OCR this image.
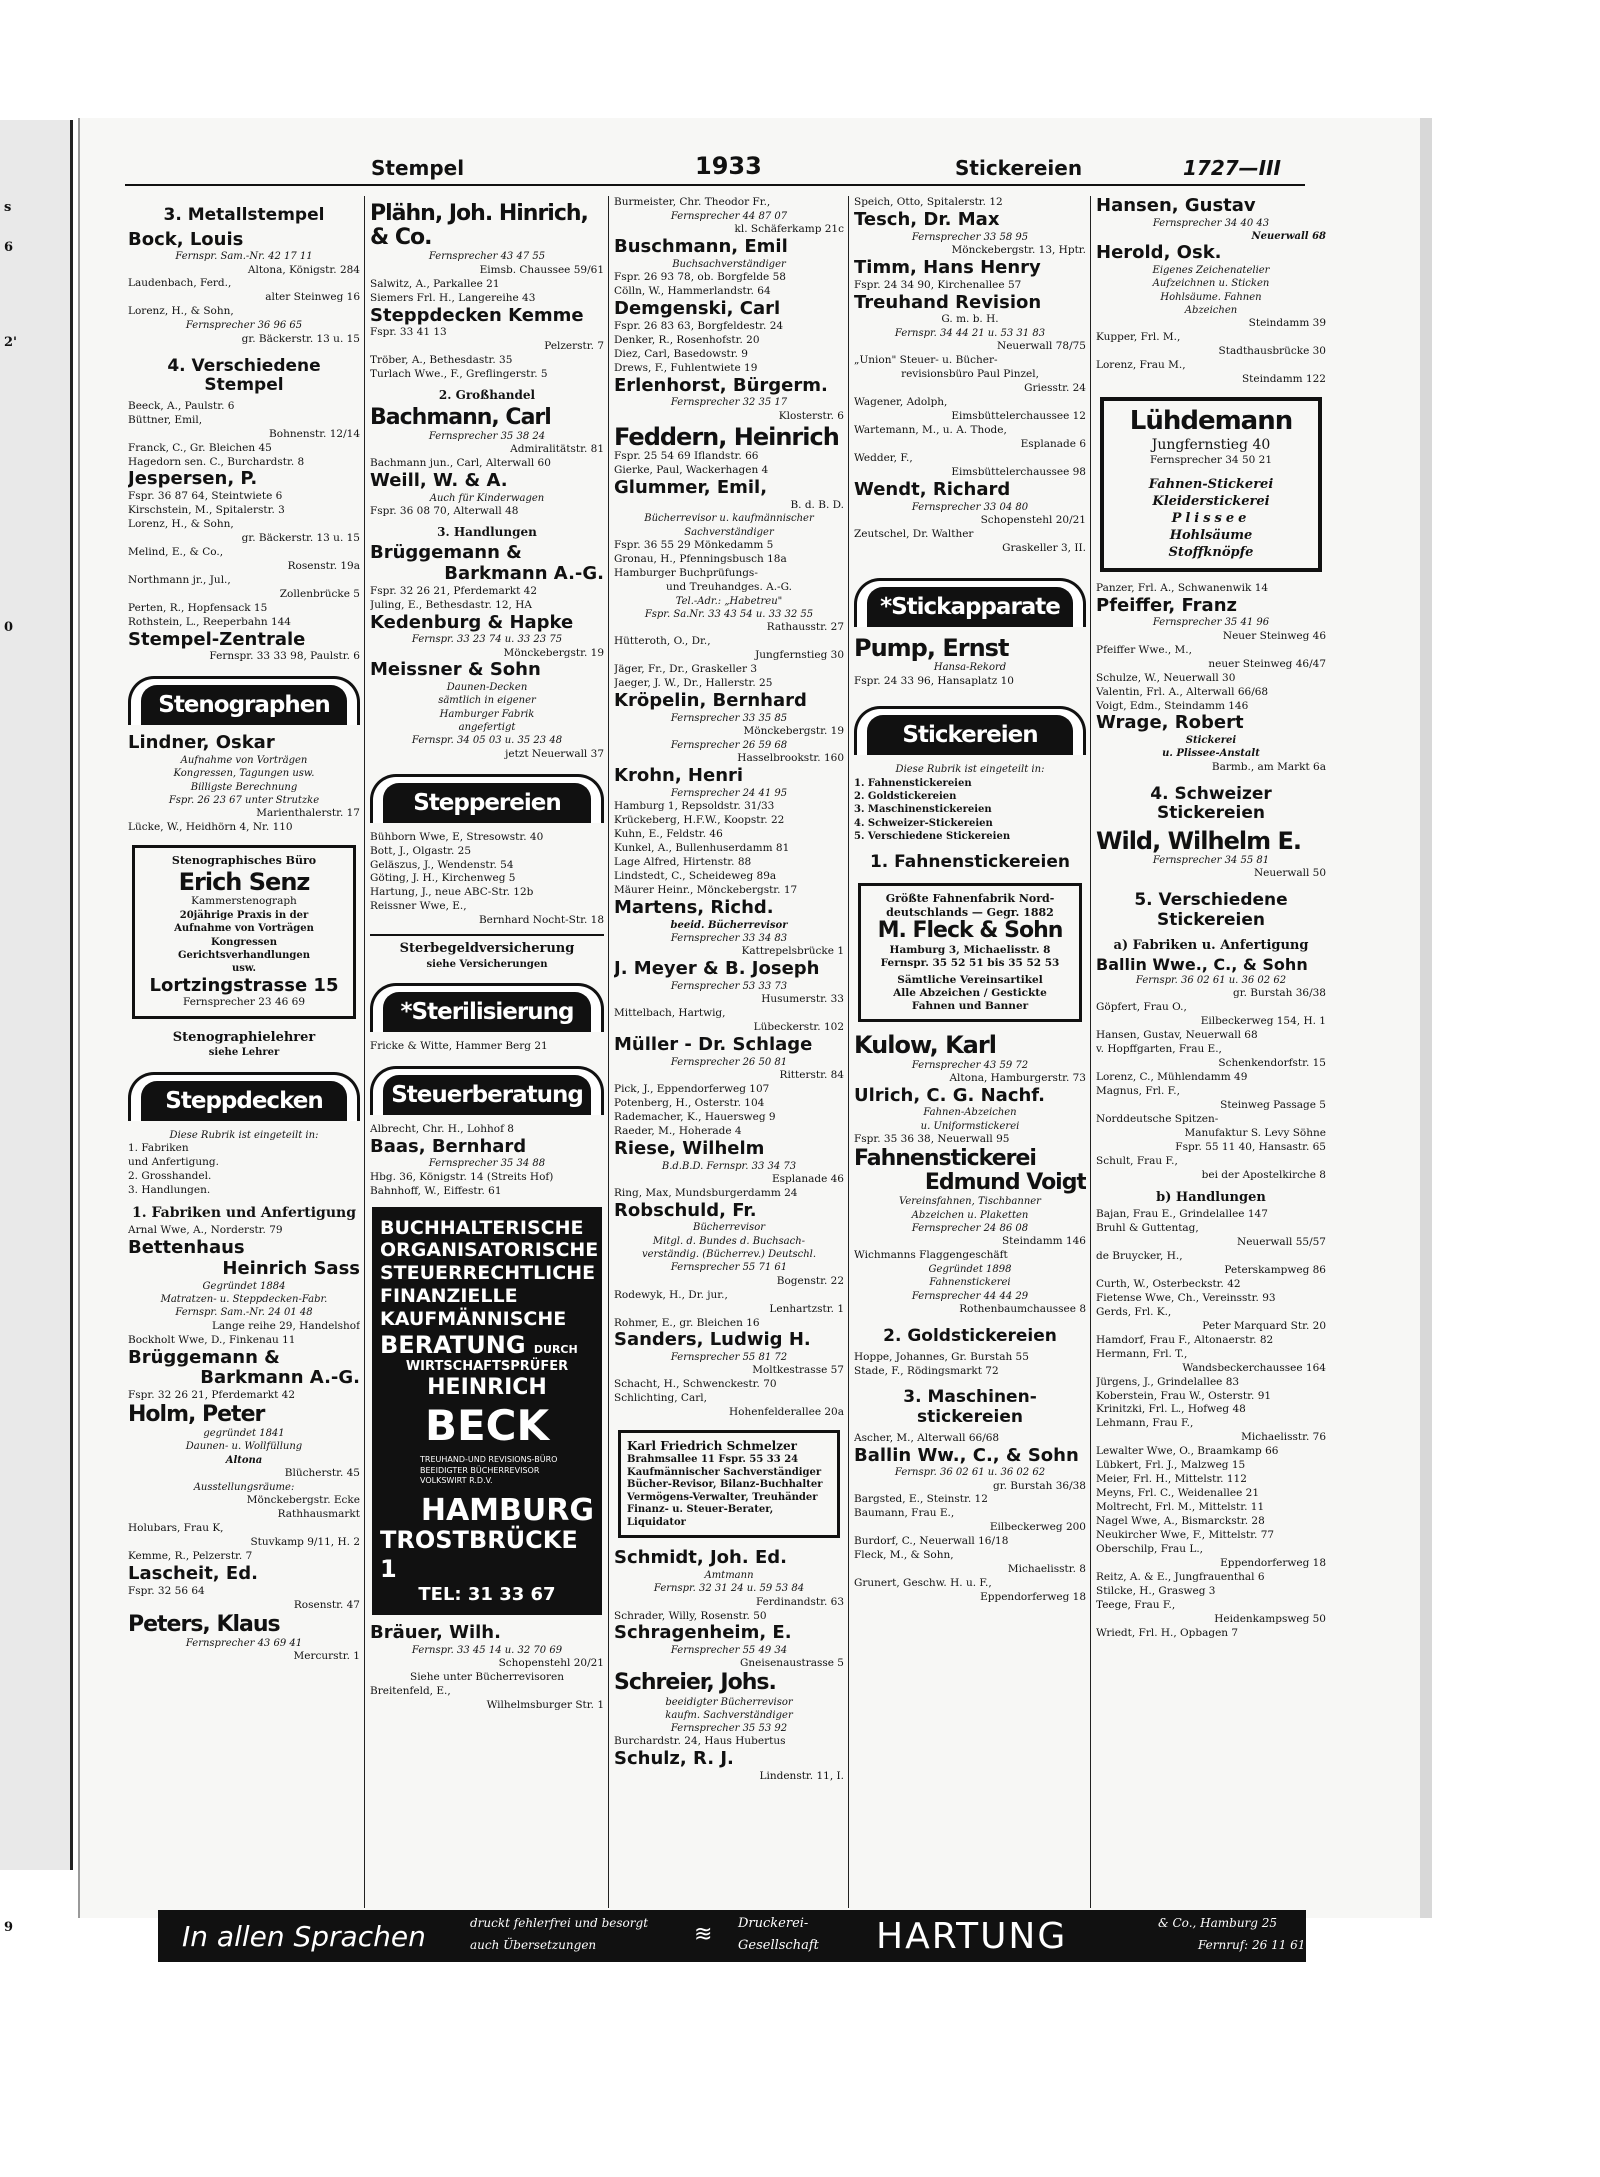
s
6
2'
0
9
Stempel	1933	Stickereien	1727—III
3. Metallstempel

Bock, Louis

Fernspr. Sam.-Nr. 42 17 11

Altona, Königstr. 284

Laudenbach, Ferd.,

alter Steinweg 16

Lorenz, H., & Sohn,

Fernsprecher 36 96 65

gr. Bäckerstr. 13 u. 15

4. Verschiedene Stempel

Beeck, A., Paulstr. 6

Büttner, Emil,

Bohnenstr. 12/14

Franck, C., Gr. Bleichen 45

Hagedorn sen. C., Burchardstr. 8

Jespersen, P.

Fspr. 36 87 64, Steintwiete 6

Kirschstein, M., Spitalerstr. 3

Lorenz, H., & Sohn,

gr. Bäckerstr. 13 u. 15

Melind, E., & Co.,

Rosenstr. 19a

Northmann jr., Jul.,

Zollenbrücke 5

Perten, R., Hopfensack 15

Rothstein, L., Reeperbahn 144

Stempel-Zentrale

Fernspr. 33 33 98, Paulstr. 6

Stenographen

Lindner, Oskar

Aufnahme von Vorträgen

Kongressen, Tagungen usw.

Billigste Berechnung

Fspr. 26 23 67 unter Strutzke

Marienthalerstr. 17

Lücke, W., Heidhörn 4, Nr. 110

Stenographisches Büro

Erich Senz

Kammerstenograph

20jährige Praxis in der

Aufnahme von Vorträgen

Kongressen

Gerichtsverhandlungen

usw.

Lortzingstrasse 15

Fernsprecher 23 46 69

Stenographielehrer

siehe Lehrer

Steppdecken

Diese Rubrik ist eingeteilt in:

1. Fabriken

und Anfertigung.

2. Grosshandel.

3. Handlungen.

1. Fabriken und Anfertigung

Arnal Wwe, A., Norderstr. 79

Bettenhaus

Heinrich Sass

Gegründet 1884

Matratzen- u. Steppdecken-Fabr.

Fernspr. Sam.-Nr. 24 01 48

Lange reihe 29, Handelshof

Bockholt Wwe, D., Finkenau 11

Brüggemann &

Barkmann A.-G.

Fspr. 32 26 21, Pferdemarkt 42

Holm, Peter

gegründet 1841

Daunen- u. Wollfüllung

Altona

Blücherstr. 45

Ausstellungsräume:

Mönckebergstr. Ecke

Rathhausmarkt

Holubars, Frau K,

Stuvkamp 9/11, H. 2

Kemme, R., Pelzerstr. 7

Lascheit, Ed.

Fspr. 32 56 64

Rosenstr. 47

Peters, Klaus

Fernsprecher 43 69 41

Mercurstr. 1

Plähn, Joh. Hinrich, & Co.

Fernsprecher 43 47 55

Eimsb. Chaussee 59/61

Salwitz, A., Parkallee 21

Siemers Frl. H., Langereihe 43

Steppdecken Kemme

Fspr. 33 41 13

Pelzerstr. 7

Tröber, A., Bethesdastr. 35

Turlach Wwe., F., Greflingerstr. 5

2. Großhandel

Bachmann, Carl

Fernsprecher 35 38 24

Admiralitätstr. 81

Bachmann jun., Carl, Alterwall 60

Weill, W. & A.

Auch für Kinderwagen

Fspr. 36 08 70, Alterwall 48

3. Handlungen

Brüggemann &

Barkmann A.-G.

Fspr. 32 26 21, Pferdemarkt 42

Juling, E., Bethesdastr. 12, HA

Kedenburg & Hapke

Fernspr. 33 23 74 u. 33 23 75

Mönckebergstr. 19

Meissner & Sohn

Daunen-Decken

sämtlich in eigener

Hamburger Fabrik

angefertigt

Fernspr. 34 05 03 u. 35 23 48

jetzt Neuerwall 37

Steppereien

Bühborn Wwe, E, Stresowstr. 40

Bott, J., Olgastr. 25

Geläszus, J., Wendenstr. 54

Göting, J. H., Kirchenweg 5

Hartung, J., neue ABC-Str. 12b

Reissner Wwe, E.,

Bernhard Nocht-Str. 18

Sterbegeldversicherung

siehe Versicherungen

*Sterilisierung

Fricke & Witte, Hammer Berg 21

Steuerberatung

Albrecht, Chr. H., Lohhof 8

Baas, Bernhard

Fernsprecher 35 34 88

Hbg. 36, Königstr. 14 (Streits Hof)

Bahnhoff, W., Eiffestr. 61

BUCHHALTERISCHE
ORGANISATORISCHE
STEUERRECHTLICHE
FINANZIELLE
KAUFMÄNNISCHE
BERATUNG DURCH
WIRTSCHAFTSPRÜFER
HEINRICH
BECK
TREUHAND-UND REVISIONS-BÜRO
BEEIDIGTER BÜCHERREVISOR
VOLKSWIRT R.D.V.
HAMBURG
TROSTBRÜCKE 1
TEL: 31 33 67

Bräuer, Wilh.

Fernspr. 33 45 14 u. 32 70 69

Schopenstehl 20/21

Siehe unter Bücherrevisoren

Breitenfeld, E.,

Wilhelmsburger Str. 1

Burmeister, Chr. Theodor Fr.,

Fernsprecher 44 87 07

kl. Schäferkamp 21c

Buschmann, Emil

Buchsachverständiger

Fspr. 26 93 78, ob. Borgfelde 58

Cölln, W., Hammerlandstr. 64

Demgenski, Carl

Fspr. 26 83 63, Borgfeldestr. 24

Denker, R., Rosenhofstr. 20

Diez, Carl, Basedowstr. 9

Drews, F., Fuhlentwiete 19

Erlenhorst, Bürgerm.

Fernsprecher 32 35 17

Klosterstr. 6

Feddern, Heinrich

Fspr. 25 54 69 Iflandstr. 66

Gierke, Paul, Wackerhagen 4

Glummer, Emil,

B. d. B. D.

Bücherrevisor u. kaufmännischer

Sachverständiger

Fspr. 36 55 29 Mönkedamm 5

Gronau, H., Pfenningsbusch 18a

Hamburger Buchprüfungs-

und Treuhandges. A.-G.

Tel.-Adr.: „Habetreu"

Fspr. Sa.Nr. 33 43 54 u. 33 32 55

Rathausstr. 27

Hütteroth, O., Dr.,

Jungfernstieg 30

Jäger, Fr., Dr., Graskeller 3

Jaeger, J. W., Dr., Hallerstr. 25

Kröpelin, Bernhard

Fernsprecher 33 35 85

Mönckebergstr. 19

Fernsprecher 26 59 68

Hasselbrookstr. 160

Krohn, Henri

Fernsprecher 24 41 95

Hamburg 1, Repsoldstr. 31/33

Krückeberg, H.F.W., Koopstr. 22

Kuhn, E., Feldstr. 46

Kunkel, A., Bullenhuserdamm 81

Lage Alfred, Hirtenstr. 88

Lindstedt, C., Scheideweg 89a

Mäurer Heinr., Mönckebergstr. 17

Martens, Richd.

beeid. Bücherrevisor

Fernsprecher 33 34 83

Kattrepelsbrücke 1

J. Meyer & B. Joseph

Fernsprecher 53 33 73

Husumerstr. 33

Mittelbach, Hartwig,

Lübeckerstr. 102

Müller - Dr. Schlage

Fernsprecher 26 50 81

Ritterstr. 84

Pick, J., Eppendorferweg 107

Potenberg, H., Osterstr. 104

Rademacher, K., Hauersweg 9

Raeder, M., Hoherade 4

Riese, Wilhelm

B.d.B.D. Fernspr. 33 34 73

Esplanade 46

Ring, Max, Mundsburgerdamm 24

Robschuld, Fr.

Bücherrevisor

Mitgl. d. Bundes d. Buchsach-

verständig. (Bücherrev.) Deutschl.

Fernsprecher 55 71 61

Bogenstr. 22

Rodewyk, H., Dr. jur.,

Lenhartzstr. 1

Rohmer, E., gr. Bleichen 16

Sanders, Ludwig H.

Fernsprecher 55 81 72

Moltkestrasse 57

Schacht, H., Schwenckestr. 70

Schlichting, Carl,

Hohenfelderallee 20a

Karl Friedrich Schmelzer

Brahmsallee 11 Fspr. 55 33 24

Kaufmännischer Sachverständiger

Bücher-Revisor, Bilanz-Buchhalter

Vermögens-Verwalter, Treuhänder

Finanz- u. Steuer-Berater, Liquidator

Schmidt, Joh. Ed.

Amtmann

Fernspr. 32 31 24 u. 59 53 84

Ferdinandstr. 63

Schrader, Willy, Rosenstr. 50

Schragenheim, E.

Fernsprecher 55 49 34

Gneisenaustrasse 5

Schreier, Johs.

beeidigter Bücherrevisor

kaufm. Sachverständiger

Fernsprecher 35 53 92

Burchardstr. 24, Haus Hubertus

Schulz, R. J.

Lindenstr. 11, I.

Speich, Otto, Spitalerstr. 12

Tesch, Dr. Max

Fernsprecher 33 58 95

Mönckebergstr. 13, Hptr.

Timm, Hans Henry

Fspr. 24 34 90, Kirchenallee 57

Treuhand Revision

G. m. b. H.

Fernspr. 34 44 21 u. 53 31 83

Neuerwall 78/75

„Union" Steuer- u. Bücher-

revisionsbüro Paul Pinzel,

Griesstr. 24

Wagener, Adolph,

Eimsbüttelerchaussee 12

Wartemann, M., u. A. Thode,

Esplanade 6

Wedder, F.,

Eimsbüttelerchaussee 98

Wendt, Richard

Fernsprecher 33 04 80

Schopenstehl 20/21

Zeutschel, Dr. Walther

Graskeller 3, II.

*Stickapparate

Pump, Ernst

Hansa-Rekord

Fspr. 24 33 96, Hansaplatz 10

Stickereien

Diese Rubrik ist eingeteilt in:

1. Fahnenstickereien

2. Goldstickereien

3. Maschinenstickereien

4. Schweizer-Stickereien

5. Verschiedene Stickereien

1. Fahnenstickereien

Größte Fahnenfabrik Nord-

deutschlands — Gegr. 1882

M. Fleck & Sohn

Hamburg 3, Michaelisstr. 8

Fernspr. 35 52 51 bis 35 52 53

Sämtliche Vereinsartikel

Alle Abzeichen / Gestickte

Fahnen und Banner

Kulow, Karl

Fernsprecher 43 59 72

Altona, Hamburgerstr. 73

Ulrich, C. G. Nachf.

Fahnen-Abzeichen

u. Uniformstickerei

Fspr. 35 36 38, Neuerwall 95

Fahnenstickerei

Edmund Voigt

Vereinsfahnen, Tischbanner

Abzeichen u. Plaketten

Fernsprecher 24 86 08

Steindamm 146

Wichmanns Flaggengeschäft

Gegründet 1898

Fahnenstickerei

Fernsprecher 44 44 29

Rothenbaumchaussee 8

2. Goldstickereien

Hoppe, Johannes, Gr. Burstah 55

Stade, F., Rödingsmarkt 72

3. Maschinen-stickereien

Ascher, M., Alterwall 66/68

Ballin Ww., C., & Sohn

Fernspr. 36 02 61 u. 36 02 62

gr. Burstah 36/38

Bargsted, E., Steinstr. 12

Baumann, Frau E.,

Eilbeckerweg 200

Burdorf, C., Neuerwall 16/18

Fleck, M., & Sohn,

Michaelisstr. 8

Grunert, Geschw. H. u. F.,

Eppendorferweg 18

Hansen, Gustav

Fernsprecher 34 40 43

Neuerwall 68

Herold, Osk.

Eigenes Zeichenatelier

Aufzeichnen u. Sticken

Hohlsäume. Fahnen

Abzeichen

Steindamm 39

Kupper, Frl. M.,

Stadthausbrücke 30

Lorenz, Frau M.,

Steindamm 122

Lühdemann

Jungfernstieg 40

Fernsprecher 34 50 21

Fahnen-Stickerei

Kleiderstickerei

Plissee

Hohlsäume

Stoffknöpfe

Panzer, Frl. A., Schwanenwik 14

Pfeiffer, Franz

Fernsprecher 35 41 96

Neuer Steinweg 46

Pfeiffer Wwe., M.,

neuer Steinweg 46/47

Schulze, W., Neuerwall 30

Valentin, Frl. A., Alterwall 66/68

Voigt, Edm., Steindamm 146

Wrage, Robert

Stickerei

u. Plissee-Anstalt

Barmb., am Markt 6a

4. Schweizer Stickereien

Wild, Wilhelm E.

Fernsprecher 34 55 81

Neuerwall 50

5. Verschiedene Stickereien
a) Fabriken u. Anfertigung

Ballin Wwe., C., & Sohn

Fernspr. 36 02 61 u. 36 02 62

gr. Burstah 36/38

Göpfert, Frau O.,

Eilbeckerweg 154, H. 1

Hansen, Gustav, Neuerwall 68

v. Hopffgarten, Frau E.,

Schenkendorfstr. 15

Lorenz, C., Mühlendamm 49

Magnus, Frl. F.,

Steinweg Passage 5

Norddeutsche Spitzen-

Manufaktur S. Levy Söhne

Fspr. 55 11 40, Hansastr. 65

Schult, Frau F.,

bei der Apostelkirche 8

b) Handlungen

Bajan, Frau E., Grindelallee 147

Bruhl & Guttentag,

Neuerwall 55/57

de Bruycker, H.,

Peterskampweg 86

Curth, W., Osterbeckstr. 42

Fietense Wwe, Ch., Vereinsstr. 93

Gerds, Frl. K.,

Peter Marquard Str. 20

Hamdorf, Frau F., Altonaerstr. 82

Hermann, Frl. T.,

Wandsbeckerchaussee 164

Jürgens, J., Grindelallee 83

Koberstein, Frau W., Osterstr. 91

Krinitzki, Frl. L., Hofweg 48

Lehmann, Frau F.,

Michaelisstr. 76

Lewalter Wwe, O., Braamkamp 66

Lübkert, Frl. J., Malzweg 15

Meier, Frl. H., Mittelstr. 112

Meyns, Frl. C., Weidenallee 21

Moltrecht, Frl. M., Mittelstr. 11

Nagel Wwe, A., Bismarckstr. 28

Neukircher Wwe, F., Mittelstr. 77

Oberschilp, Frau L.,

Eppendorferweg 18

Reitz, A. & E., Jungfrauenthal 6

Stilcke, H., Grasweg 3

Teege, Frau F.,

Heidenkampsweg 50

Wriedt, Frl. H., Opbagen 7

In allen Sprachen	druckt fehlerfrei und besorgt
auch Übersetzungen	≋ Druckerei-
Gesellschaft HARTUNG	& Co., Hamburg 25
Fernruf: 26 11 61
